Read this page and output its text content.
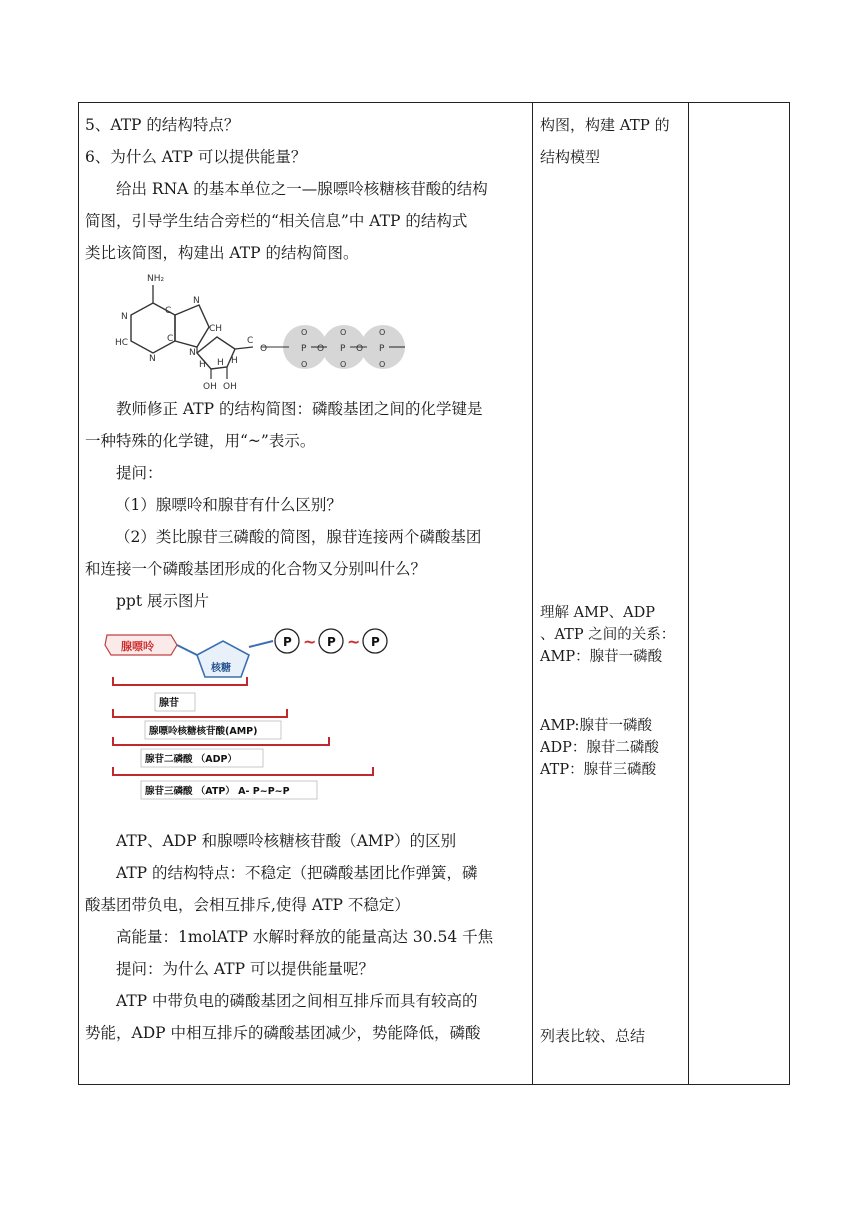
5、ATP 的结构特点？

6、为什么 ATP 可以提供能量？

给出 RNA 的基本单位之一—腺嘌呤核糖核苷酸的结构

简图，引导学生结合旁栏的“相关信息”中 ATP 的结构式

类比该简图，构建出 ATP 的结构简图。

NH₂
C
N
N
CH
HC	C
N
N
H H H
C
OH OH
O	P	P	P
O	O
O
O
O
O
O
O

教师修正 ATP 的结构简图：磷酸基团之间的化学键是

一种特殊的化学键，用“~”表示。

提问：

（1）腺嘌呤和腺苷有什么区别？

（2）类比腺苷三磷酸的简图，腺苷连接两个磷酸基团

和连接一个磷酸基团形成的化合物又分别叫什么？

ppt 展示图片

腺嘌呤
核糖
P ~ P ~ P
腺苷
腺嘌呤核糖核苷酸(AMP)
腺苷二磷酸 （ADP）
腺苷三磷酸 （ATP） A- P~P~P

ATP、ADP 和腺嘌呤核糖核苷酸（AMP）的区别

ATP 的结构特点：不稳定（把磷酸基团比作弹簧，磷

酸基团带负电，会相互排斥,使得 ATP 不稳定）

高能量：1molATP 水解时释放的能量高达 30.54 千焦

提问：为什么 ATP 可以提供能量呢？

ATP 中带负电的磷酸基团之间相互排斥而具有较高的

势能，ADP 中相互排斥的磷酸基团减少，势能降低，磷酸

构图，构建 ATP 的

结构模型

理解 AMP、ADP

、ATP 之间的关系：

AMP：腺苷一磷酸

AMP:腺苷一磷酸

ADP：腺苷二磷酸

ATP：腺苷三磷酸

列表比较、总结
